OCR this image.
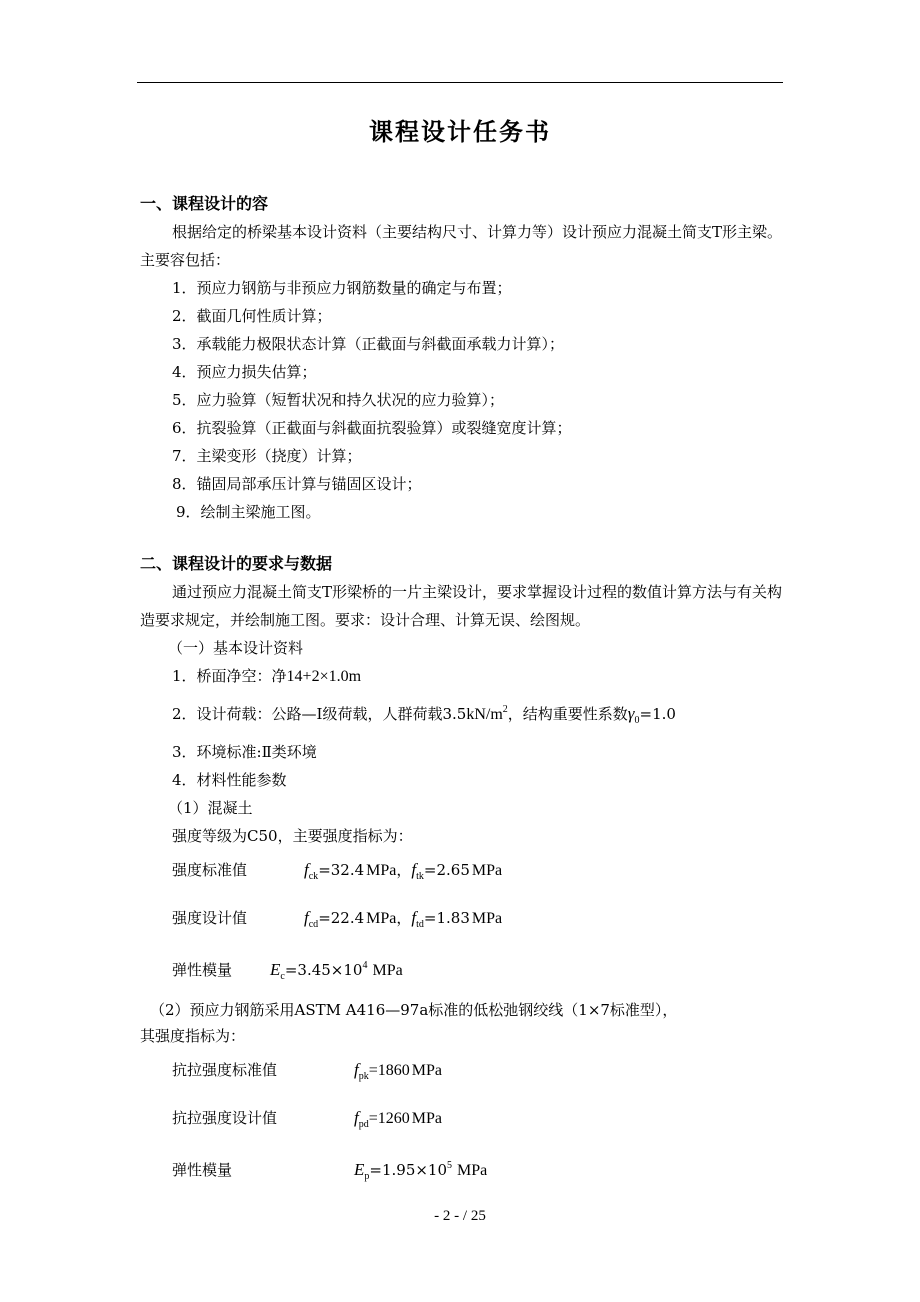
课程设计任务书
一、课程设计的容
根据给定的桥梁基本设计资料（主要结构尺寸、计算力等）设计预应力混凝土简支T形主梁。主要容包括：
1．预应力钢筋与非预应力钢筋数量的确定与布置；
2．截面几何性质计算；
3．承载能力极限状态计算（正截面与斜截面承载力计算）；
4．预应力损失估算；
5．应力验算（短暂状况和持久状况的应力验算）；
6．抗裂验算（正截面与斜截面抗裂验算）或裂缝宽度计算；
7．主梁变形（挠度）计算；
8．锚固局部承压计算与锚固区设计；
9．绘制主梁施工图。
二、课程设计的要求与数据
通过预应力混凝土简支T形梁桥的一片主梁设计，要求掌握设计过程的数值计算方法与有关构造要求规定，并绘制施工图。要求：设计合理、计算无误、绘图规。
（一）基本设计资料
1．桥面净空：净14+2×1.0m
2．设计荷载：公路—Ⅰ级荷载，人群荷载$3.5kN/m^2$，结构重要性系数$\gamma_0=1.0$
3．环境标准:Ⅱ类环境
4．材料性能参数
（1）混凝土
强度等级为C50，主要强度指标为：
强度标准值	$f_{ck}=32.4$ MPa，$f_{tk}=2.65$ MPa
强度设计值	$f_{cd}=22.4$ MPa，$f_{td}=1.83$ MPa
弹性模量 $E_c=3.45\times 10^4$ MPa
（2）预应力钢筋采用ASTM A416—97a标准的低松弛钢绞线（1×7标准型），
其强度指标为：
抗拉强度标准值	$f_{pk}=1860$ MPa
抗拉强度设计值	$f_{pd}=1260$ MPa
弹性模量	$E_p=1.95\times 10^5$ MPa
- 2 - / 25
